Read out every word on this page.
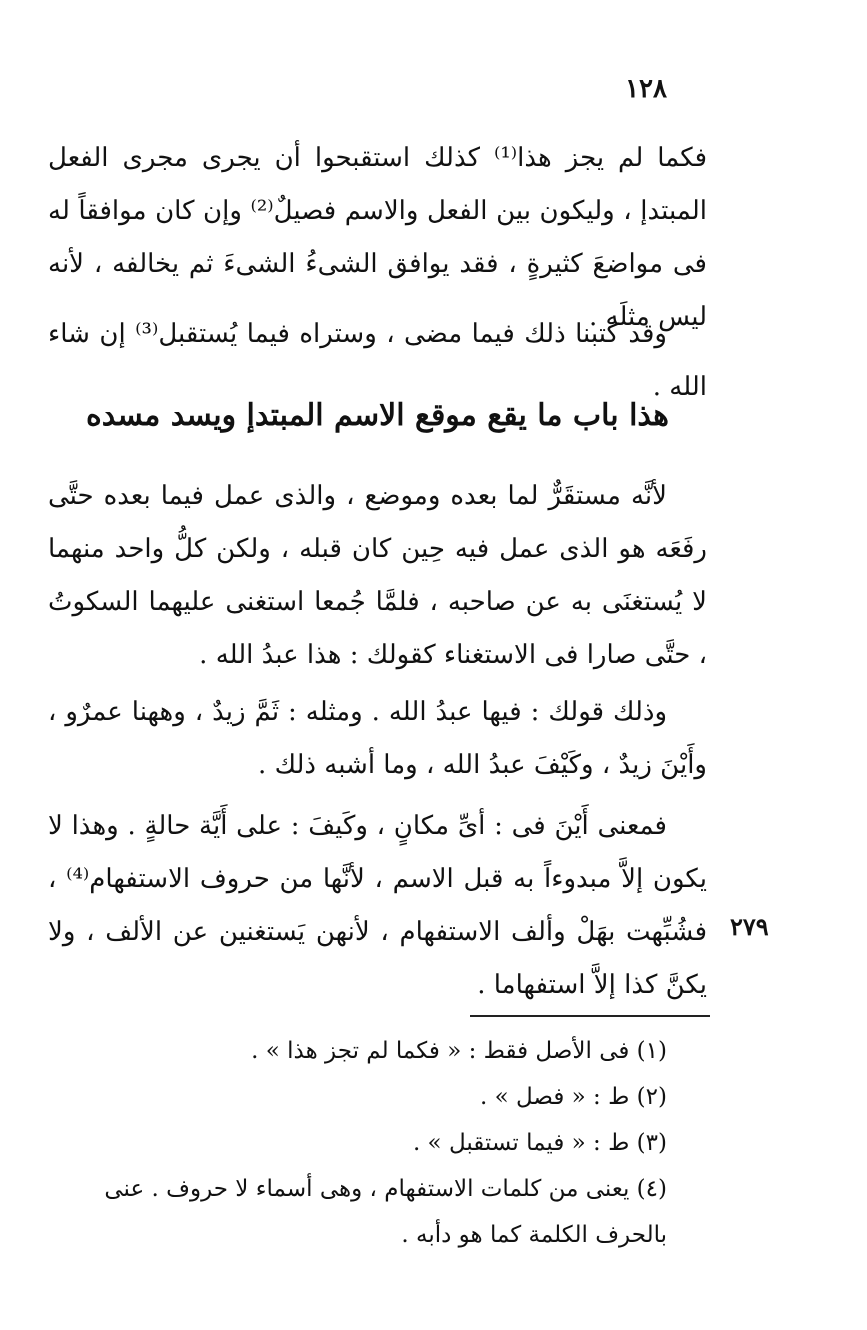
١٢٨

فكما لم يجز هذا⁽¹⁾ كذلك استقبحوا أن يجرى مجرى الفعل المبتدإ ، وليكون بين الفعل والاسم فصيلٌ⁽²⁾ وإن كان موافقاً له فى مواضعَ كثيرةٍ ، فقد يوافق الشىءُ الشىءَ ثم يخالفه ، لأنه ليس مثلَه .

وقد كتبنا ذلك فيما مضى ، وستراه فيما يُستقبل⁽³⁾ إن شاء الله .

هذا باب ما يقع موقع الاسم المبتدإ ويسد مسده

لأنَّه مستقَرٌّ لما بعده وموضع ، والذى عمل فيما بعده حتَّى رفَعَه هو الذى عمل فيه حِين كان قبله ، ولكن كلُّ واحد منهما لا يُستغنَى به عن صاحبه ، فلمَّا جُمعا استغنى عليهما السكوتُ ، حتَّى صارا فى الاستغناء كقولك : هذا عبدُ الله .

وذلك قولك : فيها عبدُ الله . ومثله : ثَمَّ زيدٌ ، وههنا عمرٌو ، وأَيْنَ زيدٌ ، وكَيْفَ عبدُ الله ، وما أشبه ذلك .

فمعنى أَيْنَ فى : أىِّ مكانٍ ، وكَيفَ : على أَيَّة حالةٍ . وهذا لا يكون إلاَّ مبدوءاً به قبل الاسم ، لأنَّها من حروف الاستفهام⁽⁴⁾ ، فشُبِّهت بهَلْ وألف الاستفهام ، لأنهن يَستغنين عن الألف ، ولا يكنَّ كذا إلاَّ استفهاما .

٢٧٩
(١) فى الأصل فقط : « فكما لم تجز هذا » .
(٢) ط : « فصل » .
(٣) ط : « فيما تستقبل » .
(٤) يعنى من كلمات الاستفهام ، وهى أسماء لا حروف . عنى بالحرف الكلمة كما هو دأبه .
